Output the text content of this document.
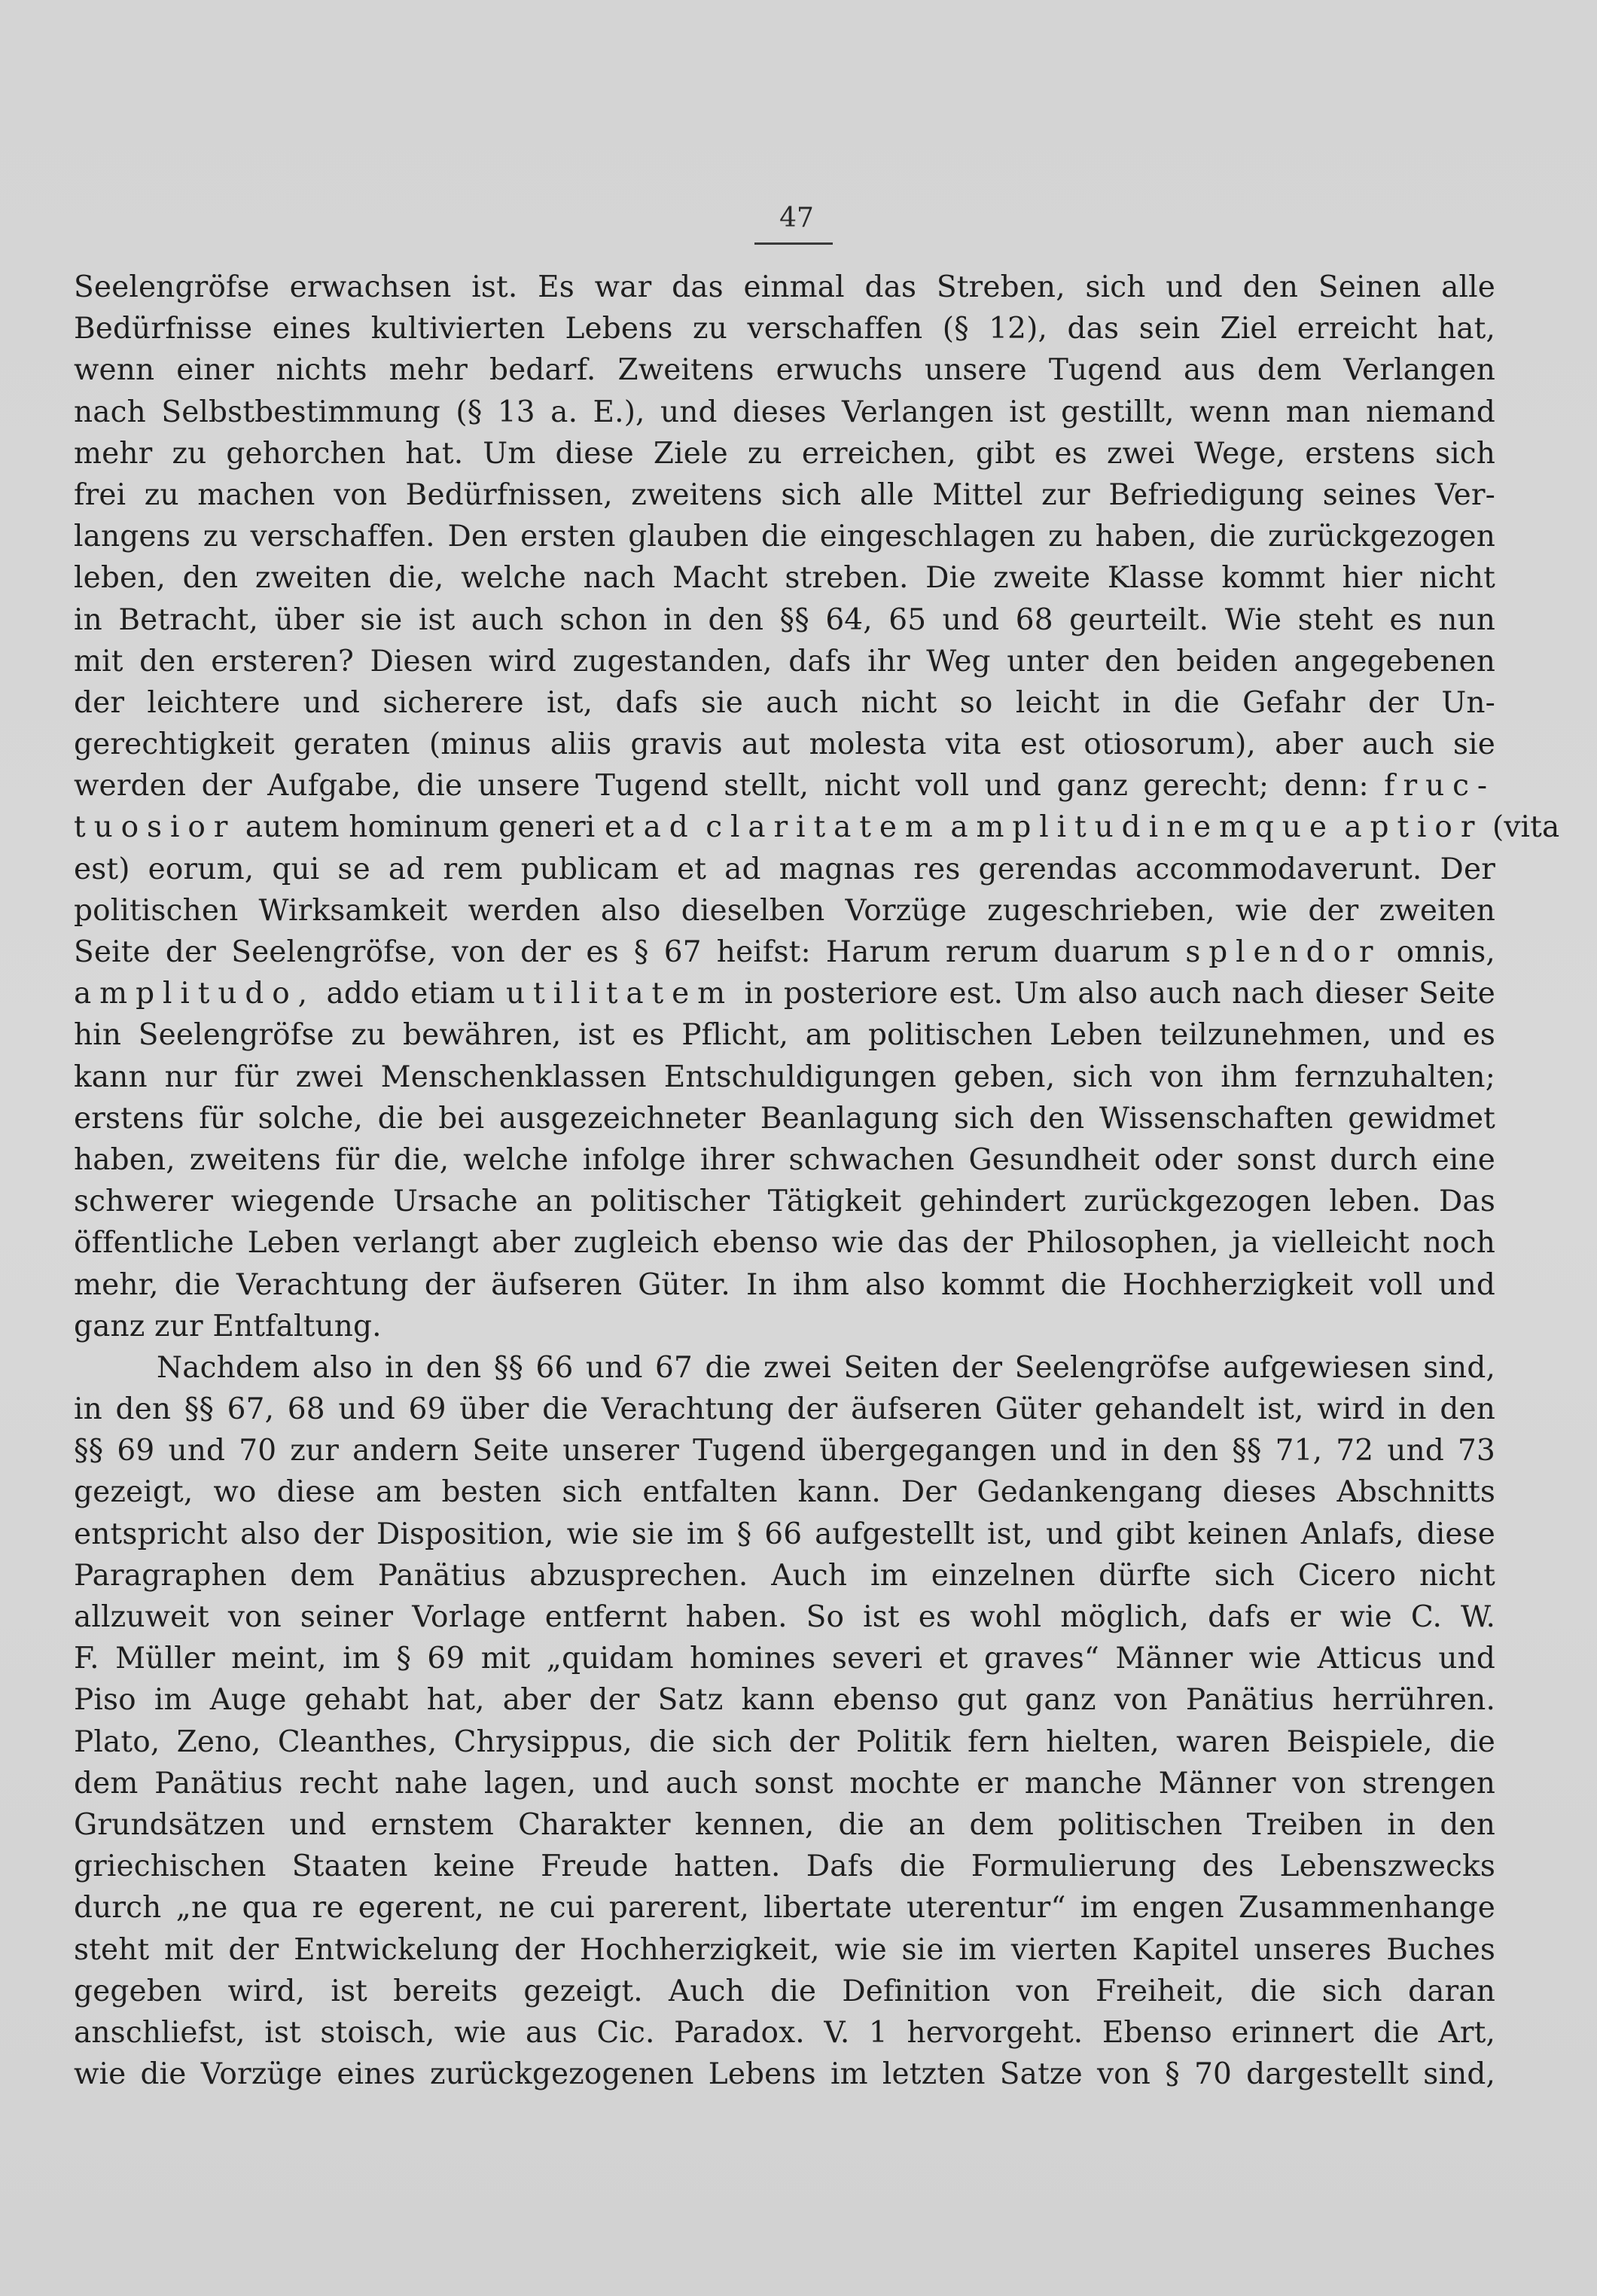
47
Seelengröfse erwachsen ist. Es war das einmal das Streben, sich und den Seinen alle
Bedürfnisse eines kultivierten Lebens zu verschaffen (§ 12), das sein Ziel erreicht hat,
wenn einer nichts mehr bedarf. Zweitens erwuchs unsere Tugend aus dem Verlangen
nach Selbstbestimmung (§ 13 a. E.), und dieses Verlangen ist gestillt, wenn man niemand
mehr zu gehorchen hat. Um diese Ziele zu erreichen, gibt es zwei Wege, erstens sich
frei zu machen von Bedürfnissen, zweitens sich alle Mittel zur Befriedigung seines Ver-
langens zu verschaffen. Den ersten glauben die eingeschlagen zu haben, die zurückgezogen
leben, den zweiten die, welche nach Macht streben. Die zweite Klasse kommt hier nicht
in Betracht, über sie ist auch schon in den §§ 64, 65 und 68 geurteilt. Wie steht es nun
mit den ersteren? Diesen wird zugestanden, dafs ihr Weg unter den beiden angegebenen
der leichtere und sicherere ist, dafs sie auch nicht so leicht in die Gefahr der Un-
gerechtigkeit geraten (minus aliis gravis aut molesta vita est otiosorum), aber auch sie
werden der Aufgabe, die unsere Tugend stellt, nicht voll und ganz gerecht; denn: fruc-
tuosior autem hominum generi et ad claritatem amplitudinemque aptior (vita
est) eorum, qui se ad rem publicam et ad magnas res gerendas accommodaverunt. Der
politischen Wirksamkeit werden also dieselben Vorzüge zugeschrieben, wie der zweiten
Seite der Seelengröfse, von der es § 67 heifst: Harum rerum duarum splendor omnis,
amplitudo, addo etiam utilitatem in posteriore est. Um also auch nach dieser Seite
hin Seelengröfse zu bewähren, ist es Pflicht, am politischen Leben teilzunehmen, und es
kann nur für zwei Menschenklassen Entschuldigungen geben, sich von ihm fernzuhalten;
erstens für solche, die bei ausgezeichneter Beanlagung sich den Wissenschaften gewidmet
haben, zweitens für die, welche infolge ihrer schwachen Gesundheit oder sonst durch eine
schwerer wiegende Ursache an politischer Tätigkeit gehindert zurückgezogen leben. Das
öffentliche Leben verlangt aber zugleich ebenso wie das der Philosophen, ja vielleicht noch
mehr, die Verachtung der äufseren Güter. In ihm also kommt die Hochherzigkeit voll und
ganz zur Entfaltung.
Nachdem also in den §§ 66 und 67 die zwei Seiten der Seelengröfse aufgewiesen sind,
in den §§ 67, 68 und 69 über die Verachtung der äufseren Güter gehandelt ist, wird in den
§§ 69 und 70 zur andern Seite unserer Tugend übergegangen und in den §§ 71, 72 und 73
gezeigt, wo diese am besten sich entfalten kann. Der Gedankengang dieses Abschnitts
entspricht also der Disposition, wie sie im § 66 aufgestellt ist, und gibt keinen Anlafs, diese
Paragraphen dem Panätius abzusprechen. Auch im einzelnen dürfte sich Cicero nicht
allzuweit von seiner Vorlage entfernt haben. So ist es wohl möglich, dafs er wie C. W.
F. Müller meint, im § 69 mit „quidam homines severi et graves“ Männer wie Atticus und
Piso im Auge gehabt hat, aber der Satz kann ebenso gut ganz von Panätius herrühren.
Plato, Zeno, Cleanthes, Chrysippus, die sich der Politik fern hielten, waren Beispiele, die
dem Panätius recht nahe lagen, und auch sonst mochte er manche Männer von strengen
Grundsätzen und ernstem Charakter kennen, die an dem politischen Treiben in den
griechischen Staaten keine Freude hatten. Dafs die Formulierung des Lebenszwecks
durch „ne qua re egerent, ne cui parerent, libertate uterentur“ im engen Zusammenhange
steht mit der Entwickelung der Hochherzigkeit, wie sie im vierten Kapitel unseres Buches
gegeben wird, ist bereits gezeigt. Auch die Definition von Freiheit, die sich daran
anschliefst, ist stoisch, wie aus Cic. Paradox. V. 1 hervorgeht. Ebenso erinnert die Art,
wie die Vorzüge eines zurückgezogenen Lebens im letzten Satze von § 70 dargestellt sind,
